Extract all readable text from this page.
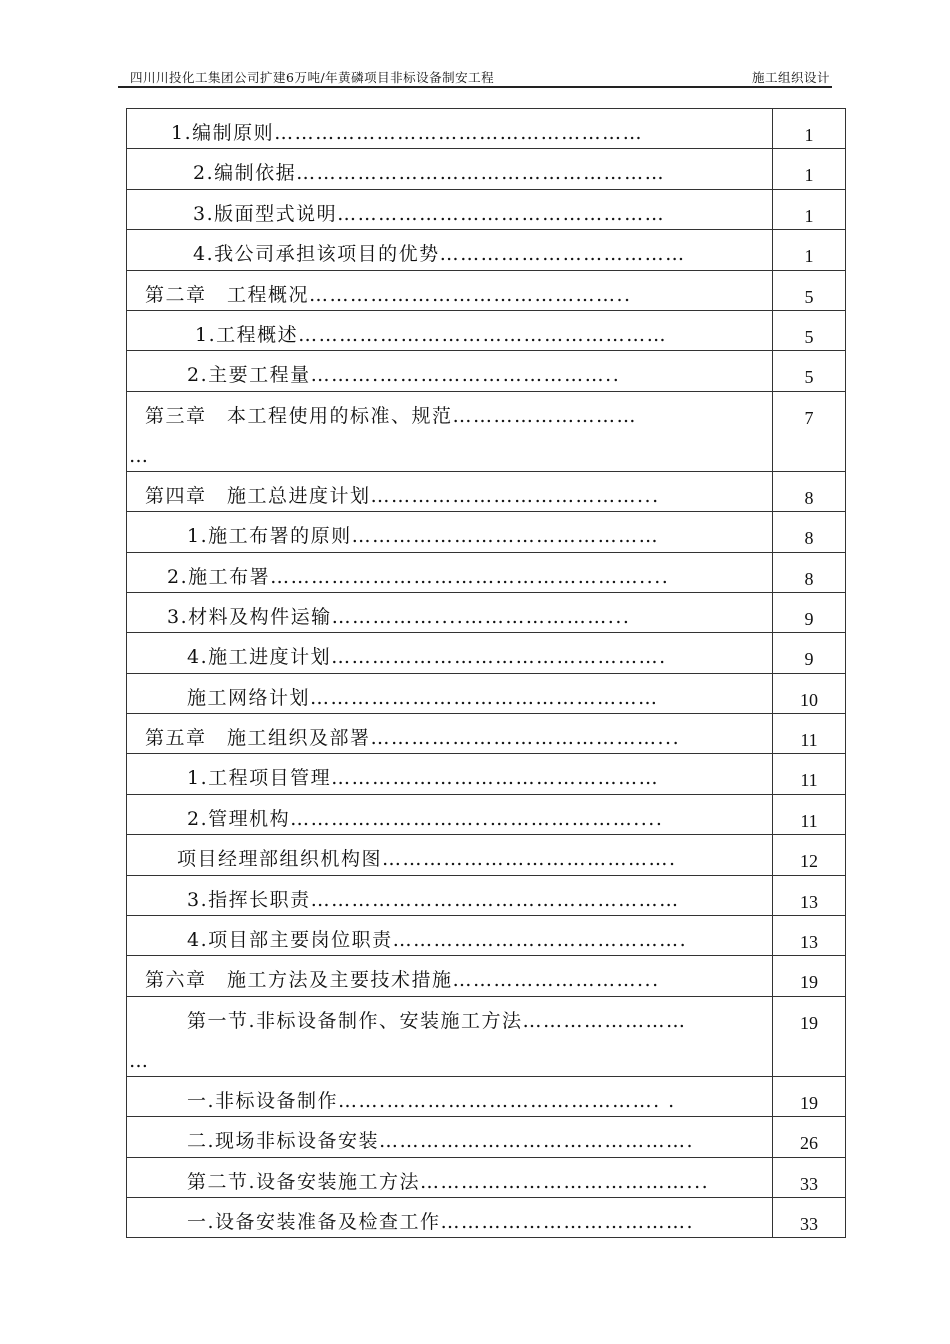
四川川投化工集团公司扩建6万吨/年黄磷项目非标设备制安工程	施工组织设计
1.编制原则………………………………………………	1

2.编制依据………………………………………………	1

3.版面型式说明…………………………………………	1

4.我公司承担该项目的优势………………………………	1

第二章　工程概况………………………………………..	5

1.工程概述………………………………………………	5

2.主要工程量……….……………………………..	5

第三章　本工程使用的标准、规范………………………
…	7

第四章　施工总进度计划…………………………………...	8

1.施工布署的原则………………………………………	8

2.施工布署………………………………………………....	8

3.材料及构件运输……………....…………………...	9

4.施工进度计划………………………………………….	9

施工网络计划……………………………………………	10

第五章　施工组织及部署……………………………………...	11

1.工程项目管理…………………………………………	11

2.管理机构………………………..…………………....	11

项目经理部组织机构图…………………………………….	12

3.指挥长职责………………………………………………	13

4.项目部主要岗位职责…………………………………….	13

第六章　施工方法及主要技术措施………………………...	19

第一节.非标设备制作、安装施工方法……………………
…	19

一.非标设备制作…….…………………………………. .	19

二.现场非标设备安装……………………………………….	26

第二节.设备安装施工方法…………………………………...	33

一.设备安装准备及检查工作……………………………….	33
